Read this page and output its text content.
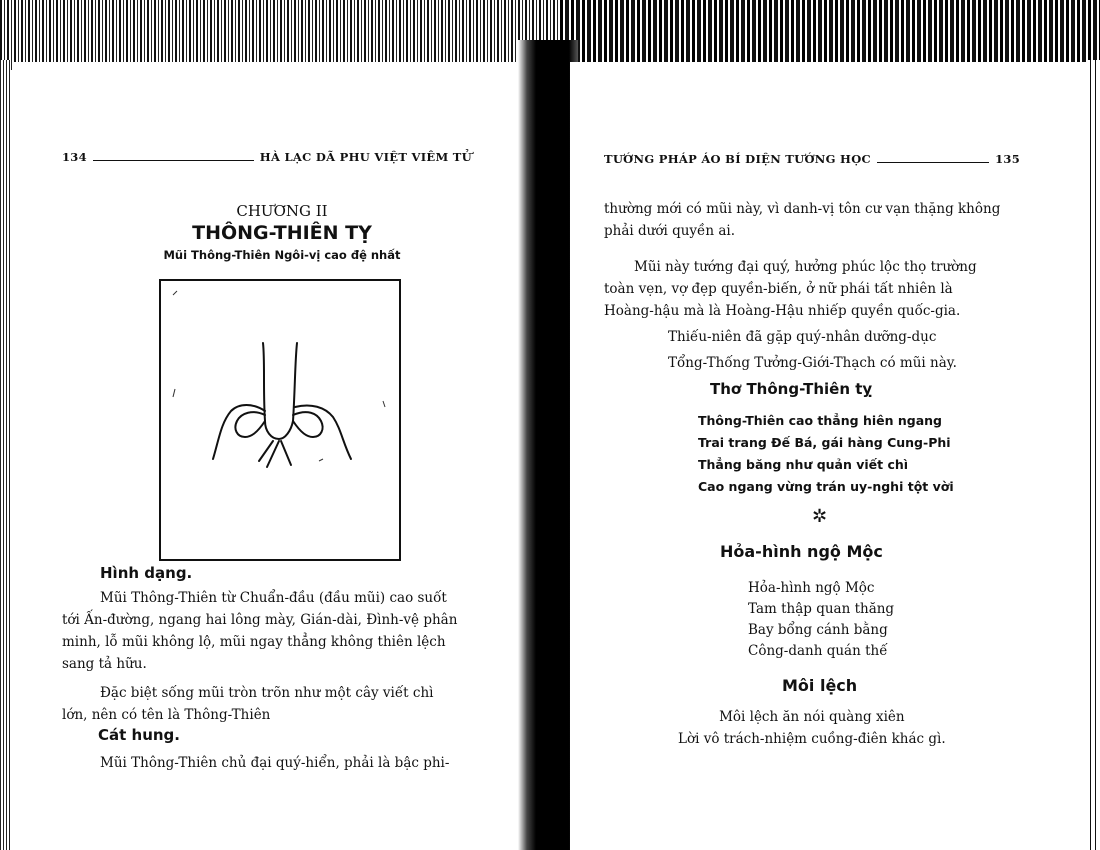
134	HÀ LẠC DÃ PHU VIỆT VIÊM TỬ
CHƯƠNG II
THÔNG-THIÊN TỴ
Mũi Thông-Thiên Ngôi-vị cao đệ nhất
Hình dạng.
Mũi Thông-Thiên từ Chuẩn-đầu (đầu mũi) cao suốt
tới Ấn-đường, ngang hai lông mày, Gián-dài, Đình-vệ phân
minh, lỗ mũi không lộ, mũi ngay thẳng không thiên lệch
sang tả hữu.
Đặc biệt sống mũi tròn trõn như một cây viết chì
lớn, nên có tên là Thông-Thiên
Cát hung.
Mũi Thông-Thiên chủ đại quý-hiển, phải là bậc phi-
TƯỚNG PHÁP ÁO BÍ DIỆN TƯỚNG HỌC	135
thường mới có mũi này, vì danh-vị tôn cư vạn thặng không
phải dưới quyền ai.
Mũi này tướng đại quý, hưởng phúc lộc thọ trường
toàn vẹn, vợ đẹp quyền-biến, ở nữ phái tất nhiên là
Hoàng-hậu mà là Hoàng-Hậu nhiếp quyền quốc-gia.
Thiếu-niên đã gặp quý-nhân dưỡng-dục
Tổng-Thống Tưởng-Giới-Thạch có mũi này.
Thơ Thông-Thiên tỵ
Thông-Thiên cao thẳng hiên ngang
Trai trang Đế Bá, gái hàng Cung-Phi
Thẳng băng như quản viết chì
Cao ngang vừng trán uy-nghi tột vời
✲
Hỏa-hình ngộ Mộc
Hỏa-hình ngộ Mộc
Tam thập quan thăng
Bay bổng cánh bằng
Công-danh quán thế
Môi lệch
Môi lệch ăn nói quàng xiên
Lời vô trách-nhiệm cuồng-điên khác gì.
